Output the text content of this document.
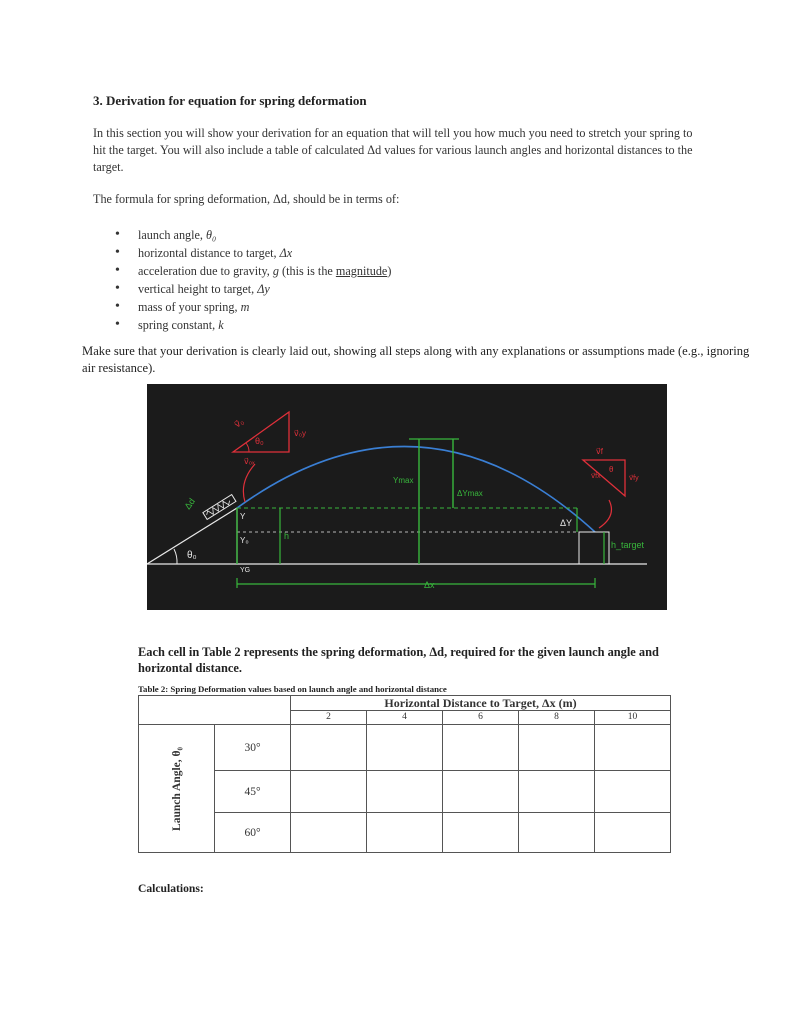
3. Derivation for equation for spring deformation
In this section you will show your derivation for an equation that will tell you how much you need to stretch your spring to hit the target. You will also include a table of calculated Δd values for various launch angles and horizontal distances to the target.
The formula for spring deformation, Δd, should be in terms of:
• launch angle, θ₀
• horizontal distance to target, Δx
• acceleration due to gravity, g (this is the magnitude)
• vertical height to target, Δy
• mass of your spring, m
• spring constant, k
Make sure that your derivation is clearly laid out, showing all steps along with any explanations or assumptions made (e.g., ignoring air resistance).
θ₀
Δd
Y
Y₀
YG
h
Ymax
ΔYmax
h_target
ΔY
Δx
v⃗₀
θ₀
v⃗₀y
v⃗₀ₓ
v⃗f
θ
v⃗fx	v⃗fy
Each cell in Table 2 represents the spring deformation, Δd, required for the given launch angle and horizontal distance.
Table 2: Spring Deformation values based on launch angle and horizontal distance
		Horizontal Distance to Target, Δx (m)				
		2	4	6	8	10

Launch Angle, θ₀	30°					
	45°					
	60°					
Calculations:
